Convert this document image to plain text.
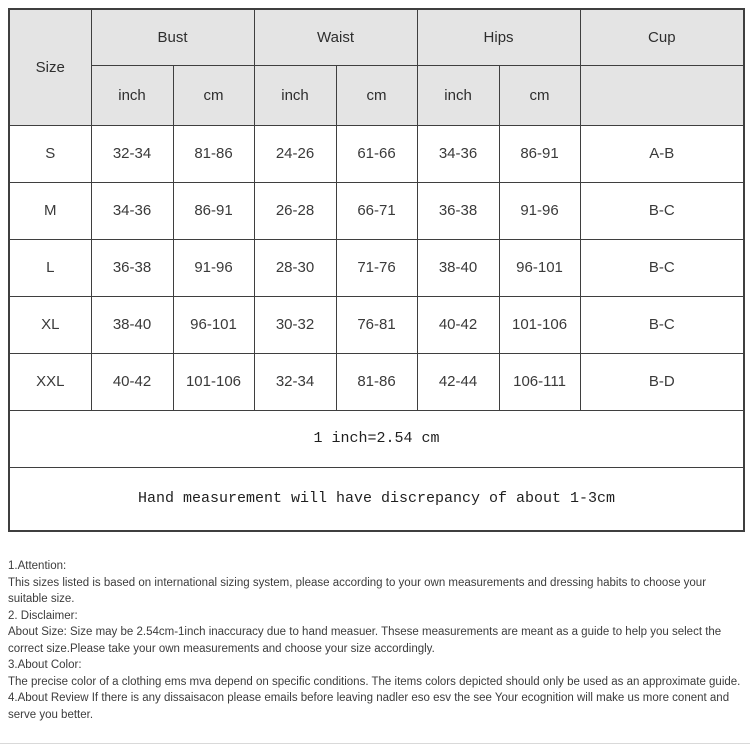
Size	Bust		Waist		Hips		Cup
	inch	cm	inch	cm	inch	cm	
S	32-34	81-86	24-26	61-66	34-36	86-91	A-B
M	34-36	86-91	26-28	66-71	36-38	91-96	B-C
L	36-38	91-96	28-30	71-76	38-40	96-101	B-C
XL	38-40	96-101	30-32	76-81	40-42	101-106	B-C
XXL	40-42	101-106	32-34	81-86	42-44	106-111	B-D
1 inch=2.54 cm							
Hand measurement will have discrepancy of about 1-3cm							

1.Attention:

This sizes listed is based on international sizing system, please according to your own measurements and dressing habits to choose your suitable size.

2. Disclaimer:

About Size: Size may be 2.54cm-1inch inaccuracy due to hand measuer. Thsese measurements are meant as a guide to help you select the correct size.Please take your own measurements and choose your size accordingly.

3.About Color:

The precise color of a clothing ems mva depend on specific conditions. The items colors depicted should only be used as an approximate guide.

4.About Review If there is any dissaisacon please emails before leaving nadler eso esv the see Your ecognition will make us more conent and serve you better.
